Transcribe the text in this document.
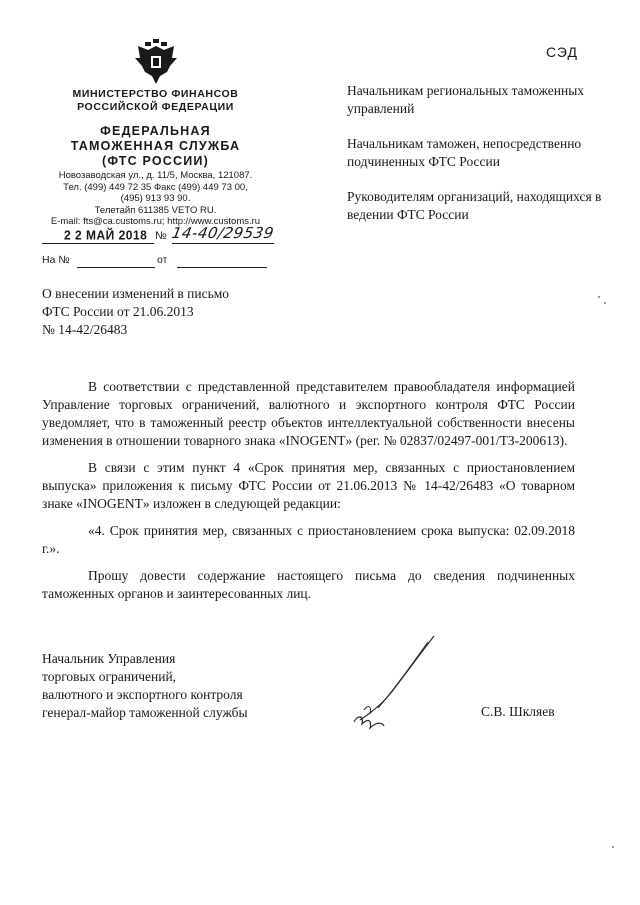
СЭД
МИНИСТЕРСТВО ФИНАНСОВ
РОССИЙСКОЙ ФЕДЕРАЦИИ
ФЕДЕРАЛЬНАЯ
ТАМОЖЕННАЯ СЛУЖБА
(ФТС РОССИИ)
Новозаводская ул., д. 11/5, Москва, 121087.
Тел. (499) 449 72 35 Факс (499) 449 73 00,
(495) 913 93 90.
Телетайп 611385 VETO RU.
E-mail: fts@ca.customs.ru; http://www.customs.ru
2 2 МАЙ 2018 № 14-40/29539
На №	от
Начальникам региональных таможенных управлений
Начальникам таможен, непосредственно подчиненных ФТС России
Руководителям организаций, находящихся в ведении ФТС России
О внесении изменений в письмо
ФТС России от 21.06.2013
№ 14-42/26483

В соответствии с представленной представителем правообладателя информацией Управление торговых ограничений, валютного и экспортного контроля ФТС России уведомляет, что в таможенный реестр объектов интеллектуальной собственности внесены изменения в отношении товарного знака «INOGENT» (рег. № 02837/02497-001/ТЗ-200613).

В связи с этим пункт 4 «Срок принятия мер, связанных с приостановлением выпуска» приложения к письму ФТС России от 21.06.2013 № 14-42/26483 «О товарном знаке «INOGENT» изложен в следующей редакции:

«4. Срок принятия мер, связанных с приостановлением срока выпуска: 02.09.2018 г.».

Прошу довести содержание настоящего письма до сведения подчиненных таможенных органов и заинтересованных лиц.

Начальник Управления
торговых ограничений,
валютного и экспортного контроля
генерал-майор таможенной службы	С.В. Шкляев
